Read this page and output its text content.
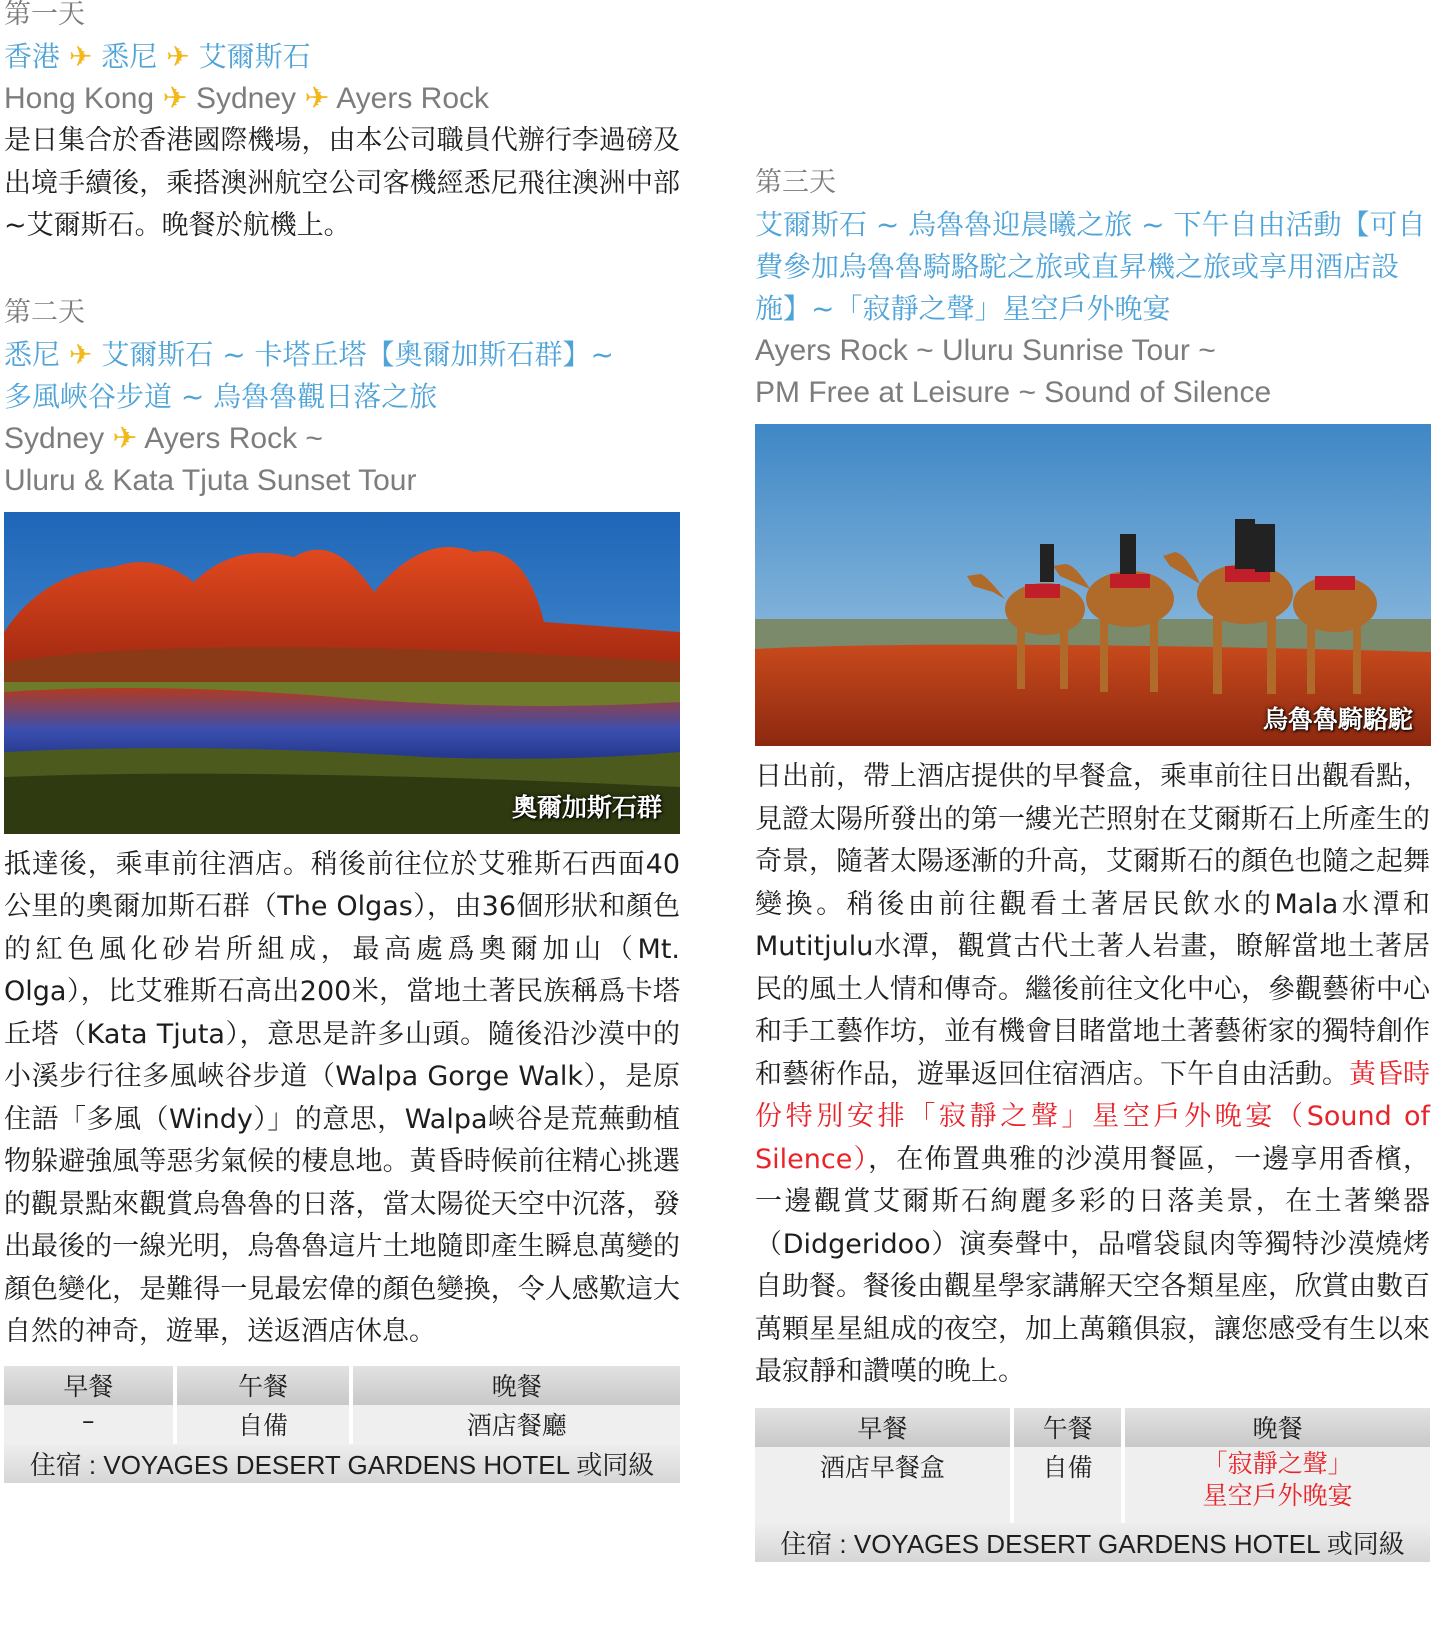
第一天

香港 ✈ 悉尼 ✈ 艾爾斯石

Hong Kong ✈ Sydney ✈ Ayers Rock

是日集合於香港國際機場，由本公司職員代辦行李過磅及出境手續後，乘搭澳洲航空公司客機經悉尼飛往澳洲中部~艾爾斯石。晚餐於航機上。

第二天

悉尼 ✈ 艾爾斯石 ~ 卡塔丘塔【奧爾加斯石群】~

多風峽谷步道 ~ 烏魯魯觀日落之旅

Sydney ✈ Ayers Rock ~

Uluru & Kata Tjuta Sunset Tour

奧爾加斯石群

抵達後，乘車前往酒店。稍後前往位於艾雅斯石西面40公里的奧爾加斯石群（The Olgas），由36個形狀和顏色的紅色風化砂岩所組成，最高處爲奧爾加山（Mt. Olga），比艾雅斯石高出200米，當地土著民族稱爲卡塔丘塔（Kata Tjuta），意思是許多山頭。隨後沿沙漠中的小溪步行往多風峽谷步道（Walpa Gorge Walk），是原住語「多風（Windy）」的意思，Walpa峽谷是荒蕪動植物躲避強風等惡劣氣候的棲息地。黃昏時候前往精心挑選的觀景點來觀賞烏魯魯的日落，當太陽從天空中沉落，發出最後的一線光明，烏魯魯這片土地隨即產生瞬息萬變的顏色變化，是難得一見最宏偉的顏色變換，令人感歎這大自然的神奇，遊畢，送返酒店休息。

早餐	午餐	晚餐
–	自備	酒店餐廳
住宿 : VOYAGES DESERT GARDENS HOTEL 或同級		

第三天

艾爾斯石 ~ 烏魯魯迎晨曦之旅 ~ 下午自由活動【可自費參加烏魯魯騎駱駝之旅或直昇機之旅或享用酒店設施】~「寂靜之聲」星空戶外晚宴

Ayers Rock ~ Uluru Sunrise Tour ~

PM Free at Leisure ~ Sound of Silence

烏魯魯騎駱駝

日出前，帶上酒店提供的早餐盒，乘車前往日出觀看點，見證太陽所發出的第一縷光芒照射在艾爾斯石上所產生的奇景，隨著太陽逐漸的升高，艾爾斯石的顏色也隨之起舞變換。稍後由前往觀看土著居民飲水的Mala水潭和Mutitjulu水潭，觀賞古代土著人岩畫，瞭解當地土著居民的風土人情和傳奇。繼後前往文化中心，參觀藝術中心和手工藝作坊，並有機會目睹當地土著藝術家的獨特創作和藝術作品，遊畢返回住宿酒店。下午自由活動。黃昏時份特別安排「寂靜之聲」星空戶外晚宴（Sound of Silence），在佈置典雅的沙漠用餐區，一邊享用香檳，一邊觀賞艾爾斯石絢麗多彩的日落美景，在土著樂器（Didgeridoo）演奏聲中，品嚐袋鼠肉等獨特沙漠燒烤自助餐。餐後由觀星學家講解天空各類星座，欣賞由數百萬顆星星組成的夜空，加上萬籟俱寂，讓您感受有生以來最寂靜和讚嘆的晚上。

早餐	午餐	晚餐
酒店早餐盒	自備	「寂靜之聲」
星空戶外晚宴

住宿 : VOYAGES DESERT GARDENS HOTEL 或同級		
